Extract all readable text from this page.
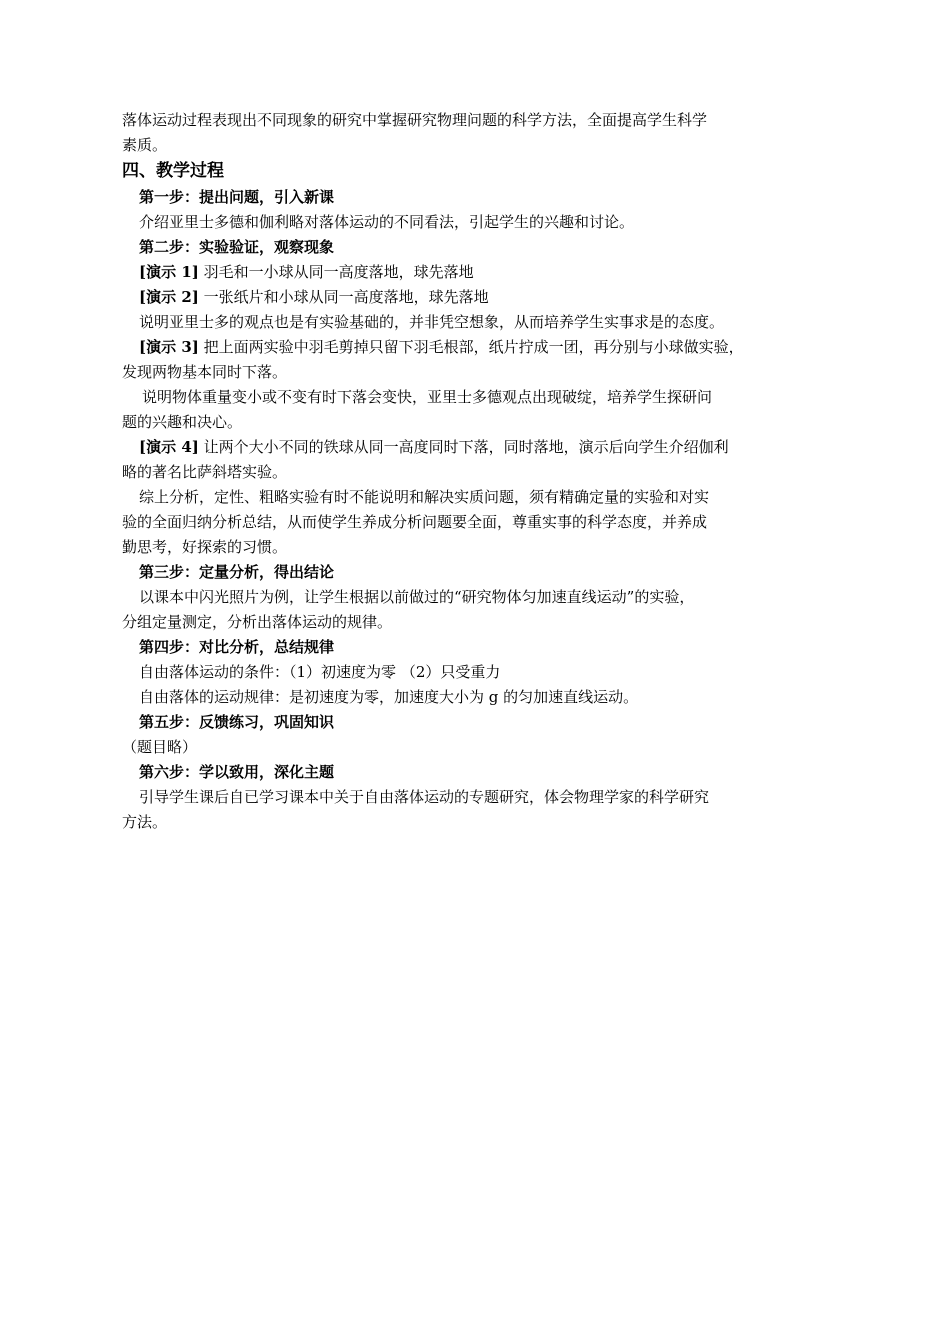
落体运动过程表现出不同现象的研究中掌握研究物理问题的科学方法，全面提高学生科学
素质。
四、教学过程
第一步：提出问题，引入新课
介绍亚里士多德和伽利略对落体运动的不同看法，引起学生的兴趣和讨论。
第二步：实验验证，观察现象
[演示 1] 羽毛和一小球从同一高度落地，球先落地
[演示 2] 一张纸片和小球从同一高度落地，球先落地
说明亚里士多的观点也是有实验基础的，并非凭空想象，从而培养学生实事求是的态度。
[演示 3] 把上面两实验中羽毛剪掉只留下羽毛根部，纸片拧成一团，再分别与小球做实验，
发现两物基本同时下落。
说明物体重量变小或不变有时下落会变快，亚里士多德观点出现破绽，培养学生探研问
题的兴趣和决心。
[演示 4] 让两个大小不同的铁球从同一高度同时下落，同时落地，演示后向学生介绍伽利
略的著名比萨斜塔实验。
综上分析，定性、粗略实验有时不能说明和解决实质问题，须有精确定量的实验和对实
验的全面归纳分析总结，从而使学生养成分析问题要全面，尊重实事的科学态度，并养成
勤思考，好探索的习惯。
第三步：定量分析，得出结论
以课本中闪光照片为例，让学生根据以前做过的“研究物体匀加速直线运动”的实验，
分组定量测定，分析出落体运动的规律。
第四步：对比分析，总结规律
自由落体运动的条件：（1）初速度为零 （2）只受重力
自由落体的运动规律：是初速度为零，加速度大小为 g 的匀加速直线运动。
第五步：反馈练习，巩固知识
（题目略）
第六步：学以致用，深化主题
引导学生课后自已学习课本中关于自由落体运动的专题研究，体会物理学家的科学研究
方法。
